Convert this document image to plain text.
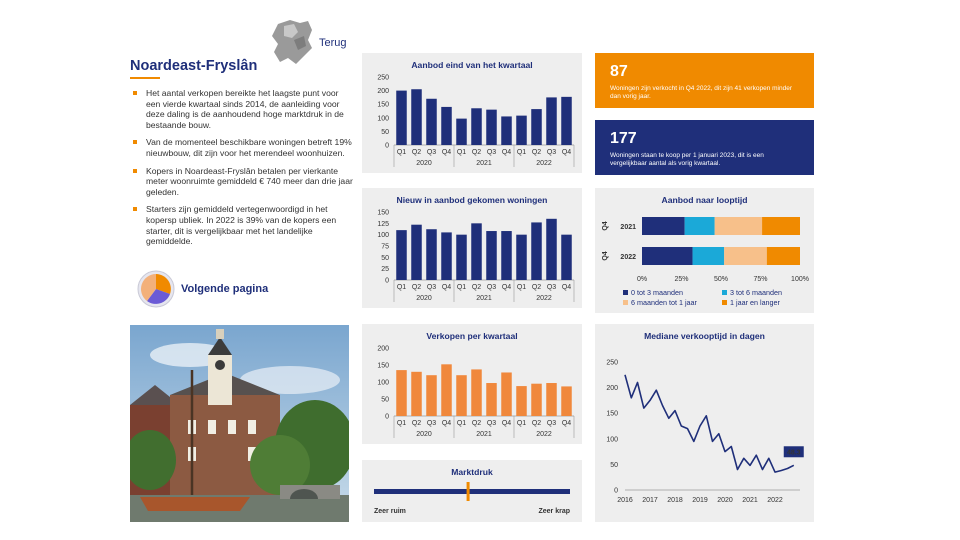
Terug
Noardeast-Fryslân
Het aantal verkopen bereikte het laagste punt voor een vierde kwartaal sinds 2014, de aanleiding voor deze daling is de aanhoudend hoge marktdruk in de bestaande bouw.
Van de momenteel beschikbare woningen betreft 19% nieuwbouw, dit zijn voor het merendeel woonhuizen.
Kopers in Noardeast-Fryslân betalen per vierkante meter woonruimte gemiddeld € 740 meer dan drie jaar geleden.
Starters zijn gemiddeld vertegenwoordigd in het kopersp ubliek. In 2022 is 39% van de kopers een starter, dit is vergelijkbaar met het landelijke gemiddelde.
Volgende pagina
Aanbod eind van het kwartaal
0
50
100
150
200
250
Q1 Q2 Q3 Q4 Q1 Q2 Q3 Q4 Q1 Q2 Q3 Q4
2020	2021	2022
Nieuw in aanbod gekomen woningen
0
25
50
75
100
125
150
Q1 Q2 Q3 Q4 Q1 Q2 Q3 Q4 Q1 Q2 Q3 Q4
2020	2021	2022
Verkopen per kwartaal
0
50
100
150
200
Q1 Q2 Q3 Q4 Q1 Q2 Q3 Q4 Q1 Q2 Q3 Q4
2020	2021	2022
Marktdruk
Zeer ruim	Zeer krap
87
Woningen zijn verkocht in Q4 2022, dit zijn 41 verkopen minder dan vorig jaar.
177
Woningen staan te koop per 1 januari 2023, dit is een vergelijkbaar aantal als vorig kwartaal.
Aanbod naar looptijd
2021
Q4
2022
Q4
0%	25%	50%	75%	100%
0 tot 3 maanden	3 tot 6 maanden
6 maanden tot 1 jaar	1 jaar en langer
Mediane verkooptijd in dagen
0
50
100
150
200
250
2016 2017 2018 2019 2020 2021 2022
48.3
